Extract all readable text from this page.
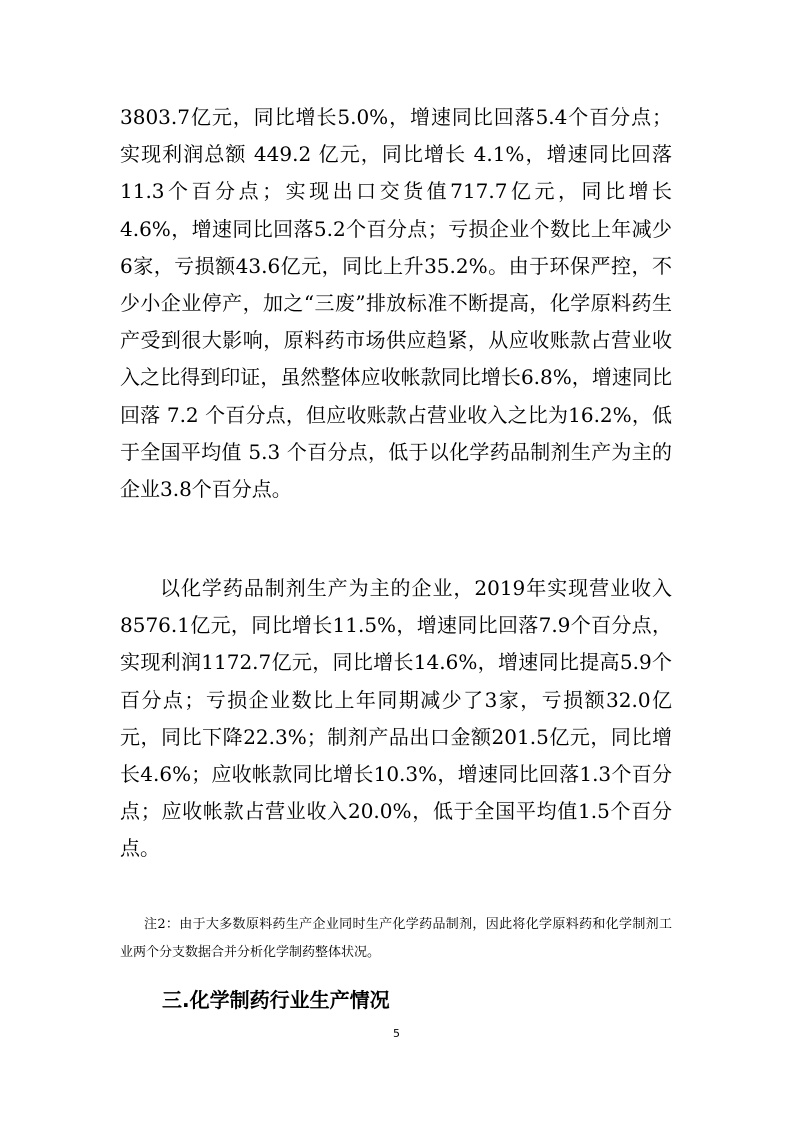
3803.7亿元，同比增长5.0%，增速同比回落5.4个百分点；实现利润总额 449.2 亿元，同比增长 4.1%，增速同比回落11.3个百分点；实现出口交货值717.7亿元，同比增长4.6%，增速同比回落5.2个百分点；亏损企业个数比上年减少6家，亏损额43.6亿元，同比上升35.2%。由于环保严控，不少小企业停产，加之“三废”排放标准不断提高，化学原料药生产受到很大影响，原料药市场供应趋紧，从应收账款占营业收入之比得到印证，虽然整体应收帐款同比增长6.8%，增速同比回落 7.2 个百分点，但应收账款占营业收入之比为16.2%，低于全国平均值 5.3 个百分点，低于以化学药品制剂生产为主的企业3.8个百分点。

以化学药品制剂生产为主的企业，2019年实现营业收入8576.1亿元，同比增长11.5%，增速同比回落7.9个百分点，实现利润1172.7亿元，同比增长14.6%，增速同比提高5.9个百分点；亏损企业数比上年同期减少了3家，亏损额32.0亿元，同比下降22.3%；制剂产品出口金额201.5亿元，同比增长4.6%；应收帐款同比增长10.3%，增速同比回落1.3个百分点；应收帐款占营业收入20.0%，低于全国平均值1.5个百分点。

注2：由于大多数原料药生产企业同时生产化学药品制剂，因此将化学原料药和化学制剂工业两个分支数据合并分析化学制药整体状况。

三.化学制药行业生产情况
5
